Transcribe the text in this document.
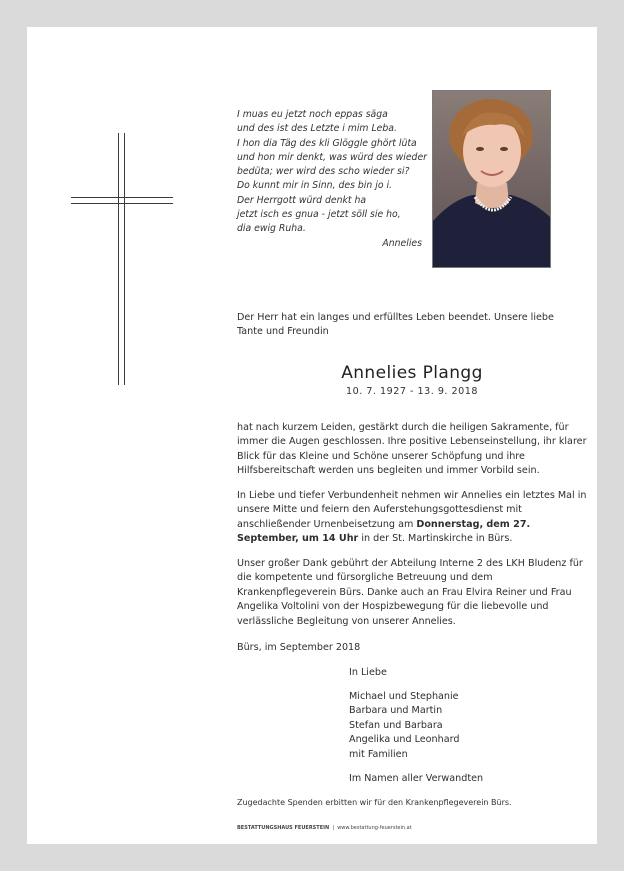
I muas eu jetzt noch eppas säga
und des ist des Letzte i mim Leba.
I hon dia Täg des kli Glöggle ghört lüta
und hon mir denkt, was würd des wieder
bedüta; wer wird des scho wieder si?
Do kunnt mir in Sinn, des bin jo i.
Der Herrgott würd denkt ha
jetzt isch es gnua - jetzt söll sie ho,
dia ewig Ruha.
Annelies
Der Herr hat ein langes und erfülltes Leben beendet. Unsere liebe Tante und Freundin
Annelies Plangg
10. 7. 1927 - 13. 9. 2018
hat nach kurzem Leiden, gestärkt durch die heiligen Sakramente, für immer die Augen geschlossen. Ihre positive Lebenseinstellung, ihr klarer Blick für das Kleine und Schöne unserer Schöpfung und ihre Hilfsbereitschaft werden uns begleiten und immer Vorbild sein.
In Liebe und tiefer Verbundenheit nehmen wir Annelies ein letztes Mal in unsere Mitte und feiern den Auferstehungsgottesdienst mit anschließender Urnenbeisetzung am Donnerstag, dem 27. September, um 14 Uhr in der St. Martinskirche in Bürs.
Unser großer Dank gebührt der Abteilung Interne 2 des LKH Bludenz für die kompetente und fürsorgliche Betreuung und dem Krankenpflegeverein Bürs. Danke auch an Frau Elvira Reiner und Frau Angelika Voltolini von der Hospizbewegung für die liebevolle und verlässliche Begleitung von unserer Annelies.
Bürs, im September 2018
In Liebe
Michael und Stephanie
Barbara und Martin
Stefan und Barbara
Angelika und Leonhard
mit Familien
Im Namen aller Verwandten
Zugedachte Spenden erbitten wir für den Krankenpflegeverein Bürs.
BESTATTUNGSHAUS FEUERSTEIN | www.bestattung-feuerstein.at
